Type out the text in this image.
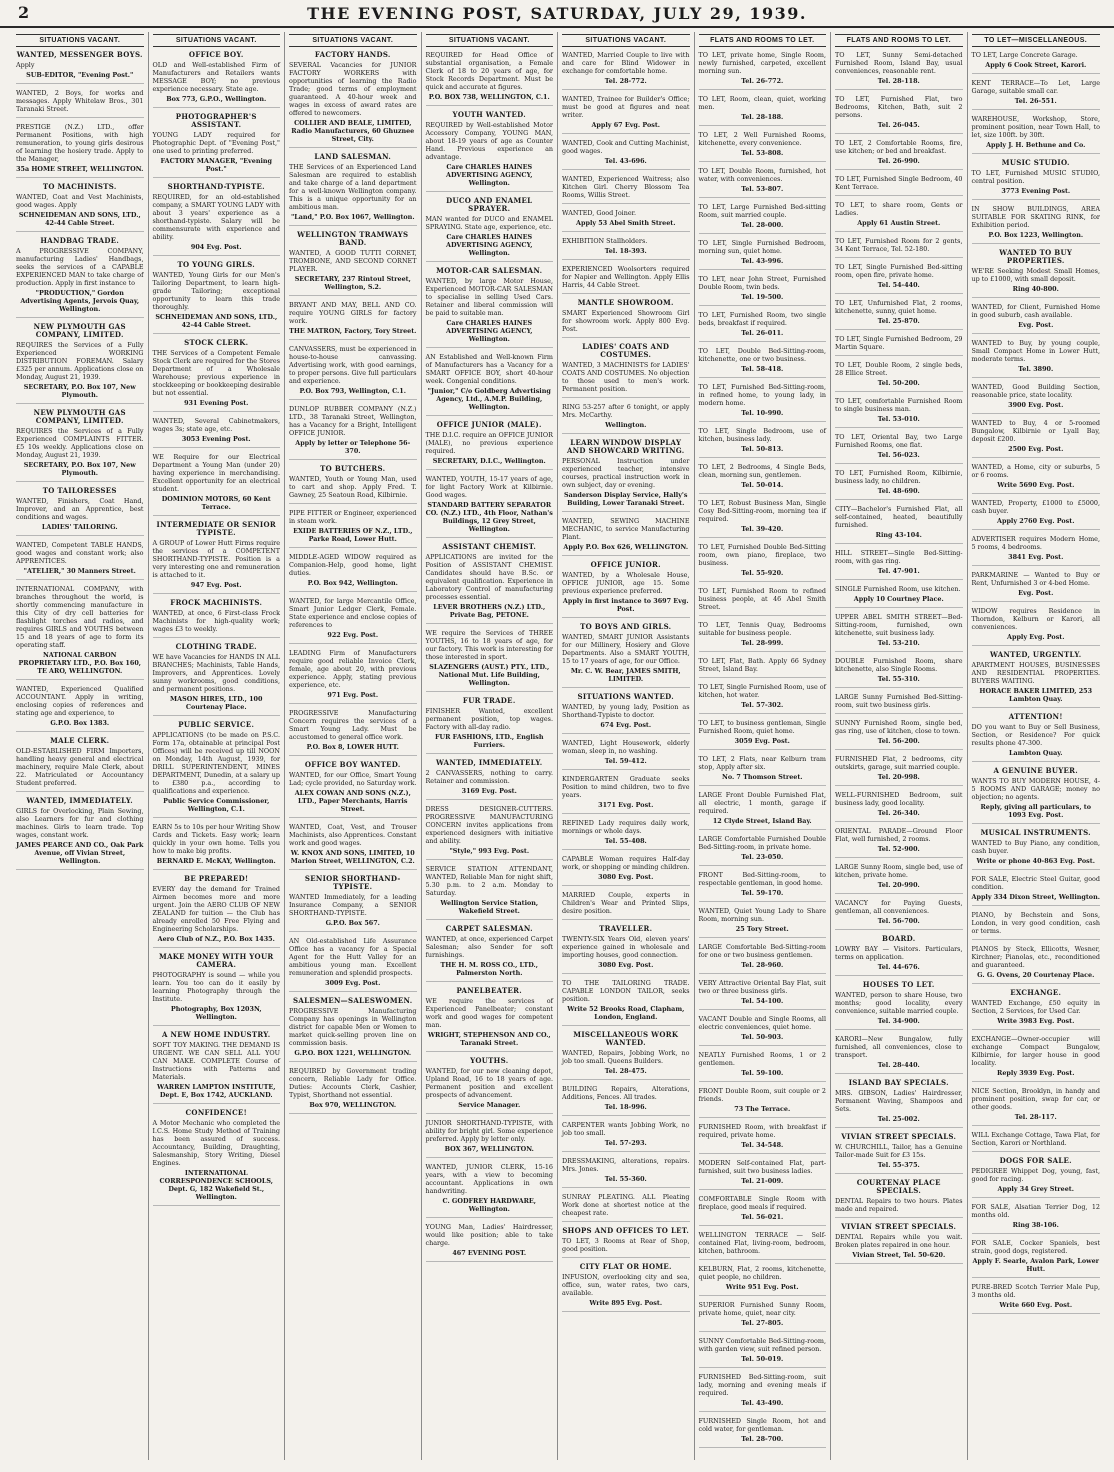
2	THE EVENING POST, SATURDAY, JULY 29, 1939.
SITUATIONS VACANT.
WANTED, MESSENGER BOYS.
Apply
SUB-EDITOR, "Evening Post."
WANTED, 2 Boys, for works and messages. Apply Whitelaw Bros., 301 Taranaki Street.
PRESTIGE (N.Z.) LTD., offer Permanent Positions, with high remuneration, to young girls desirous of learning the hosiery trade. Apply to the Manager,
35a HOME STREET, WELLINGTON.
TO MACHINISTS.
WANTED, Coat and Vest Machinists, good wages. Apply
SCHNEIDEMAN AND SONS, LTD., 42-44 Cable Street.
HANDBAG TRADE.
A PROGRESSIVE COMPANY, manufacturing Ladies' Handbags, seeks the services of a CAPABLE EXPERIENCED MAN to take charge of production. Apply in first instance to
"PRODUCTION," Gordon Advertising Agents, Jervois Quay, Wellington.
NEW PLYMOUTH GAS COMPANY, LIMITED.
REQUIRES the Services of a Fully Experienced WORKING DISTRIBUTION FOREMAN. Salary £325 per annum. Applications close on Monday, August 21, 1939.
SECRETARY, P.O. Box 107, New Plymouth.
NEW PLYMOUTH GAS COMPANY, LIMITED.
REQUIRES the Services of a Fully Experienced COMPLAINTS FITTER. £5 10s weekly. Applications close on Monday, August 21, 1939.
SECRETARY, P.O. Box 107, New Plymouth.
TO TAILORESSES
WANTED, Finishers, Coat Hand, Improver, and an Apprentice, best conditions and wages.
LADIES' TAILORING.
WANTED, Competent TABLE HANDS, good wages and constant work; also APPRENTICES.
"ATELIER," 30 Manners Street.
INTERNATIONAL COMPANY, with branches throughout the world, is shortly commencing manufacture in this City of dry cell batteries for flashlight torches and radios, and requires GIRLS and YOUTHS between 15 and 18 years of age to form its operating staff.
NATIONAL CARBON PROPRIETARY LTD., P.O. Box 160, TE ARO, WELLINGTON.
WANTED, Experienced Qualified ACCOUNTANT. Apply in writing, enclosing copies of references and stating age and experience, to
G.P.O. Box 1383.
MALE CLERK.
OLD-ESTABLISHED FIRM Importers, handling heavy general and electrical machinery, require Male Clerk, about 22. Matriculated or Accountancy Student preferred.
WANTED, IMMEDIATELY.
GIRLS for Overlocking, Plain Sewing, also Learners for fur and clothing machines. Girls to learn trade. Top wages, constant work.
JAMES PEARCE AND CO., Oak Park Avenue, off Vivian Street, Wellington.
SITUATIONS VACANT.
OFFICE BOY.
OLD and Well-established Firm of Manufacturers and Retailers wants MESSAGE BOY; no previous experience necessary. State age.
Box 773, G.P.O., Wellington.
PHOTOGRAPHER'S ASSISTANT.
YOUNG LADY required for Photographic Dept. of "Evening Post," one used to printing preferred.
FACTORY MANAGER, "Evening Post."
SHORTHAND-TYPISTE.
REQUIRED, for an old-established company, a SMART YOUNG LADY with about 3 years' experience as a shorthand-typiste. Salary will be commensurate with experience and ability.
904 Evg. Post.
TO YOUNG GIRLS.
WANTED, Young Girls for our Men's Tailoring Department, to learn high-grade Tailoring; exceptional opportunity to learn this trade thoroughly.
SCHNEIDEMAN AND SONS, LTD., 42-44 Cable Street.
STOCK CLERK.
THE Services of a Competent Female Stock Clerk are required for the Stores Department of a Wholesale Warehouse; previous experience in stockkeeping or bookkeeping desirable but not essential.
931 Evening Post.
WANTED, Several Cabinetmakers, wages 3s; state age, etc.
3053 Evening Post.
WE Require for our Electrical Department a Young Man (under 20) having experience in merchandising. Excellent opportunity for an electrical student.
DOMINION MOTORS, 60 Kent Terrace.
INTERMEDIATE OR SENIOR TYPISTE.
A GROUP of Lower Hutt Firms require the services of a COMPETENT SHORTHAND-TYPISTE. Position is a very interesting one and remuneration is attached to it.
947 Evg. Post.
FROCK MACHINISTS.
WANTED, at once, 6 First-class Frock Machinists for high-quality work; wages £3 to weekly.
CLOTHING TRADE.
WE have Vacancies for HANDS IN ALL BRANCHES; Machinists, Table Hands, Improvers, and Apprentices. Lovely sunny workrooms, good conditions, and permanent positions.
MASON HIRES, LTD., 100 Courtenay Place.
PUBLIC SERVICE.
APPLICATIONS (to be made on P.S.C. Form 17a, obtainable at principal Post Offices) will be received up till NOON on Monday, 14th August, 1939, for DRILL SUPERINTENDENT, MINES DEPARTMENT, Dunedin, at a salary up to £380 p.a., according to qualifications and experience.
Public Service Commissioner, Wellington, C.1.
EARN 5s to 10s per hour Writing Show Cards and Tickets. Easy work; learn quickly in your own home. Tells you how to make big profits.
BERNARD E. McKAY, Wellington.
BE PREPARED!
EVERY day the demand for Trained Airmen becomes more and more urgent. Join the AERO CLUB OF NEW ZEALAND for tuition — the Club has already enrolled 50 Free Flying and Engineering Scholarships.
Aero Club of N.Z., P.O. Box 1435.
MAKE MONEY WITH YOUR CAMERA.
PHOTOGRAPHY is sound — while you learn. You too can do it easily by learning Photography through the Institute.
Photography, Box 1203N, Wellington.
A NEW HOME INDUSTRY.
SOFT TOY MAKING. THE DEMAND IS URGENT. WE CAN SELL ALL YOU CAN MAKE. COMPLETE Course of Instructions with Patterns and Materials.
WARREN LAMPTON INSTITUTE, Dept. E, Box 1742, AUCKLAND.
CONFIDENCE!
A Motor Mechanic who completed the I.C.S. Home Study Method of Training has been assured of success. Accountancy, Building, Draughting, Salesmanship, Story Writing, Diesel Engines.
INTERNATIONAL CORRESPONDENCE SCHOOLS, Dept. G, 182 Wakefield St., Wellington.
SITUATIONS VACANT.
FACTORY HANDS.
SEVERAL Vacancies for JUNIOR FACTORY WORKERS with opportunities of learning the Radio Trade; good terms of employment guaranteed. A 40-hour week and wages in excess of award rates are offered to newcomers.
COLLIER AND BEALE, LIMITED, Radio Manufacturers, 60 Ghuznee Street, City.
LAND SALESMAN.
THE Services of an Experienced Land Salesman are required to establish and take charge of a land department for a well-known Wellington company. This is a unique opportunity for an ambitious man.
"Land," P.O. Box 1067, Wellington.
WELLINGTON TRAMWAYS BAND.
WANTED, A GOOD TUTTI CORNET, TROMBONE, AND SECOND CORNET PLAYER.
SECRETARY, 237 Rintoul Street, Wellington, S.2.
BRYANT AND MAY, BELL AND CO. require YOUNG GIRLS for factory work.
THE MATRON, Factory, Tory Street.
CANVASSERS, must be experienced in house-to-house canvassing. Advertising work, with good earnings, to proper persons. Give full particulars and experience.
P.O. Box 793, Wellington, C.1.
DUNLOP RUBBER COMPANY (N.Z.) LTD., 38 Taranaki Street, Wellington, has a Vacancy for a Bright, Intelligent OFFICE JUNIOR.
Apply by letter or Telephone 56-370.
TO BUTCHERS.
WANTED, Youth or Young Man, used to cart and shop. Apply Fred. T. Gawney, 25 Seatoun Road, Kilbirnie.
PIPE FITTER or Engineer, experienced in steam work.
EXIDE BATTERIES OF N.Z., LTD., Parke Road, Lower Hutt.
MIDDLE-AGED WIDOW required as Companion-Help, good home, light duties.
P.O. Box 942, Wellington.
WANTED, for large Mercantile Office, Smart Junior Ledger Clerk, Female. State experience and enclose copies of references to
922 Evg. Post.
LEADING Firm of Manufacturers require good reliable Invoice Clerk, female, age about 20, with previous experience. Apply, stating previous experience, etc.
971 Evg. Post.
PROGRESSIVE Manufacturing Concern requires the services of a Smart Young Lady. Must be accustomed to general office work.
P.O. Box 8, LOWER HUTT.
OFFICE BOY WANTED.
WANTED, for our Office, Smart Young Lad; cycle provided, no Saturday work.
ALEX COWAN AND SONS (N.Z.), LTD., Paper Merchants, Harris Street.
WANTED, Coat, Vest, and Trouser Machinists, also Apprentices. Constant work and good wages.
W. KNOX AND SONS, LIMITED, 10 Marion Street, WELLINGTON, C.2.
SENIOR SHORTHAND-TYPISTE.
WANTED Immediately, for a leading Insurance Company, a SENIOR SHORTHAND-TYPISTE.
G.P.O. Box 567.
AN Old-established Life Assurance Office has a vacancy for a Special Agent for the Hutt Valley for an ambitious young man. Excellent remuneration and splendid prospects.
3009 Evg. Post.
SALESMEN—SALESWOMEN.
PROGRESSIVE Manufacturing Company has openings in Wellington district for capable Men or Women to market quick-selling proven line on commission basis.
G.P.O. BOX 1221, WELLINGTON.
REQUIRED by Government trading concern, Reliable Lady for Office. Duties: Accounts Clerk, Cashier, Typist, Shorthand not essential.
Box 970, WELLINGTON.
SITUATIONS VACANT.
REQUIRED for Head Office of substantial organisation, a Female Clerk of 18 to 20 years of age, for Stock Records Department. Must be quick and accurate at figures.
P.O. BOX 738, WELLINGTON, C.1.
YOUTH WANTED.
REQUIRED by Well-established Motor Accessory Company, YOUNG MAN, about 18-19 years of age as Counter Hand. Previous experience an advantage.
Care CHARLES HAINES ADVERTISING AGENCY, Wellington.
DUCO AND ENAMEL SPRAYER.
MAN wanted for DUCO and ENAMEL SPRAYING. State age, experience, etc.
Care CHARLES HAINES ADVERTISING AGENCY, Wellington.
MOTOR-CAR SALESMAN.
WANTED, by large Motor House, Experienced MOTOR-CAR SALESMAN to specialise in selling Used Cars. Retainer and liberal commission will be paid to suitable man.
Care CHARLES HAINES ADVERTISING AGENCY, Wellington.
AN Established and Well-known Firm of Manufacturers has a Vacancy for a SMART OFFICE BOY, short 40-hour week. Congenial conditions.
"Junior," C/o Goldberg Advertising Agency, Ltd., A.M.P. Building, Wellington.
OFFICE JUNIOR (MALE).
THE D.I.C. require an OFFICE JUNIOR (MALE), no previous experience required.
SECRETARY, D.I.C., Wellington.
WANTED, YOUTH, 15-17 years of age, for light Factory Work at Kilbirnie. Good wages.
STANDARD BATTERY SEPARATOR CO. (N.Z.) LTD., 4th Floor, Nathan's Buildings, 12 Grey Street, Wellington.
ASSISTANT CHEMIST.
APPLICATIONS are invited for the Position of ASSISTANT CHEMIST. Candidates should have B.Sc. or equivalent qualification. Experience in Laboratory Control of manufacturing processes essential.
LEVER BROTHERS (N.Z.) LTD., Private Bag, PETONE.
WE require the Services of THREE YOUTHS, 16 to 18 years of age, for our factory. This work is interesting for those interested in sport.
SLAZENGERS (AUST.) PTY., LTD., National Mut. Life Building, Wellington.
FUR TRADE.
FINISHER Wanted, excellent permanent position, top wages. Factory with all-day radio.
FUR FASHIONS, LTD., English Furriers.
WANTED, IMMEDIATELY.
2 CANVASSERS, nothing to carry. Retainer and commission.
3169 Evg. Post.
DRESS DESIGNER-CUTTERS. PROGRESSIVE MANUFACTURING CONCERN invites applications from experienced designers with initiative and ability.
"Style," 993 Evg. Post.
SERVICE STATION ATTENDANT, WANTED, Reliable Man for night shift, 5.30 p.m. to 2 a.m. Monday to Saturday.
Wellington Service Station, Wakefield Street.
CARPET SALESMAN.
WANTED, at once, experienced Carpet Salesman; also Sender for soft furnishings.
THE H. M. ROSS CO., LTD., Palmerston North.
PANELBEATER.
WE require the services of Experienced Panelbeater; constant work and good wages for competent man.
WRIGHT, STEPHENSON AND CO., Taranaki Street.
YOUTHS.
WANTED, for our new cleaning depot, Upland Road, 16 to 18 years of age. Permanent position and excellent prospects of advancement.
Service Manager.
JUNIOR SHORTHAND-TYPISTE, with ability for bright girl. Some experience preferred. Apply by letter only.
BOX 367, WELLINGTON.
WANTED, JUNIOR CLERK, 15-16 years, with a view to becoming accountant. Applications in own handwriting.
C. GODFREY HARDWARE, Wellington.
YOUNG Man, Ladies' Hairdresser, would like position; able to take charge.
467 EVENING POST.
SITUATIONS VACANT.
WANTED, Married Couple to live with and care for Blind Widower in exchange for comfortable home.
Tel. 28-772.
WANTED, Trainee for Builder's Office; must be good at figures and neat writer.
Apply 67 Evg. Post.
WANTED, Cook and Cutting Machinist, good wages.
Tel. 43-696.
WANTED, Experienced Waitress; also Kitchen Girl. Cherry Blossom Tea Rooms, Willis Street.
WANTED, Good Joiner.
Apply 53 Abel Smith Street.
EXHIBITION Stallholders.
Tel. 18-393.
EXPERIENCED Woolsorters required for Napier and Wellington. Apply Ellis Harris, 44 Cable Street.
MANTLE SHOWROOM.
SMART Experienced Showroom Girl for showroom work. Apply 800 Evg. Post.
LADIES' COATS AND COSTUMES.
WANTED, 3 MACHINISTS for LADIES' COATS AND COSTUMES. No objection to those used to men's work. Permanent position.
RING 53-257 after 6 tonight, or apply Mrs. McCarthy.
Wellington.
LEARN WINDOW DISPLAY AND SHOWCARD WRITING.
PERSONAL Instruction under experienced teacher, intensive courses, practical instruction work in own subject, day or evening.
Sanderson Display Service, Hally's Building, Lower Taranaki Street.
WANTED, SEWING MACHINE MECHANIC, to service Manufacturing Plant.
Apply P.O. Box 626, WELLINGTON.
OFFICE JUNIOR.
WANTED, by a Wholesale House, OFFICE JUNIOR, age 15. Some previous experience preferred.
Apply in first instance to 3697 Evg. Post.
TO BOYS AND GIRLS.
WANTED, SMART JUNIOR Assistants for our Millinery, Hosiery and Glove Departments. Also a SMART YOUTH, 15 to 17 years of age, for our Office.
Mr. C. W. Bear, JAMES SMITH, LIMITED.
SITUATIONS WANTED.
WANTED, by young lady, Position as Shorthand-Typiste to doctor.
674 Evg. Post.
WANTED, Light Housework, elderly woman, sleep in, no washing.
Tel. 59-412.
KINDERGARTEN Graduate seeks Position to mind children, two to five years.
3171 Evg. Post.
REFINED Lady requires daily work, mornings or whole days.
Tel. 55-408.
CAPABLE Woman requires Half-day work, or shopping or minding children.
3080 Evg. Post.
MARRIED Couple, experts in Children's Wear and Printed Slips, desire position.
TRAVELLER.
TWENTY-SIX Years Old, eleven years' experience gained in wholesale and importing houses, good connection.
3080 Evg. Post.
TO THE TAILORING TRADE. CAPABLE LONDON TAILOR, seeks position.
Write 52 Brooks Road, Clapham, London, England.
MISCELLANEOUS WORK WANTED.
WANTED, Repairs, Jobbing Work, no job too small. Queens Builders.
Tel. 28-475.
BUILDING Repairs, Alterations, Additions, Fences. All trades.
Tel. 18-996.
CARPENTER wants Jobbing Work, no job too small.
Tel. 57-293.
DRESSMAKING, alterations, repairs. Mrs. Jones.
Tel. 55-360.
SUNRAY PLEATING. ALL Pleating Work done at shortest notice at the cheapest rate.
SHOPS AND OFFICES TO LET.
TO LET, 3 Rooms at Rear of Shop, good position.
CITY FLAT OR HOME.
INFUSION, overlooking city and sea, office, sun, water rates, two cars, available.
Write 895 Evg. Post.
FLATS AND ROOMS TO LET.
TO LET, private home, Single Room, newly furnished, carpeted, excellent morning sun.
Tel. 26-772.
TO LET, Room, clean, quiet, working men.
Tel. 28-188.
TO LET, 2 Well Furnished Rooms, kitchenette, every convenience.
Tel. 53-808.
TO LET, Double Room, furnished, hot water, with conveniences.
Tel. 53-807.
TO LET, Large Furnished Bed-sitting Room, suit married couple.
Tel. 28-000.
TO LET, Single Furnished Bedroom, morning sun, quiet home.
Tel. 43-996.
TO LET, near John Street, Furnished Double Room, twin beds.
Tel. 19-500.
TO LET, Furnished Room, two single beds, breakfast if required.
Tel. 26-011.
TO LET, Double Bed-Sitting-room, kitchenette, one or two business.
Tel. 58-418.
TO LET, Furnished Bed-Sitting-room, in refined home, to young lady, in modern home.
Tel. 10-990.
TO LET, Single Bedroom, use of kitchen, business lady.
Tel. 50-813.
TO LET, 2 Bedrooms, 4 Single Beds, clean, morning sun, gentlemen.
Tel. 50-014.
TO LET, Robust Business Man, Single Cosy Bed-Sitting-room, morning tea if required.
Tel. 39-420.
TO LET, Furnished Double Bed-Sitting room, own piano, fireplace, two business.
Tel. 55-920.
TO LET, Furnished Room to refined business people, at 46 Abel Smith Street.
TO LET, Tennis Quay, Bedrooms suitable for business people.
Tel. 28-999.
TO LET, Flat, Bath. Apply 66 Sydney Street, Island Bay.
TO LET, Single Furnished Room, use of kitchen, hot water.
Tel. 57-302.
TO LET, to business gentleman, Single Furnished Room, quiet home.
3059 Evg. Post.
TO LET, 2 Flats, near Kelburn tram stop, Apply after six.
No. 7 Thomson Street.
LARGE Front Double Furnished Flat, all electric, 1 month, garage if required.
12 Clyde Street, Island Bay.
LARGE Comfortable Furnished Double Bed-Sitting-room, in private home.
Tel. 23-050.
FRONT Bed-Sitting-room, to respectable gentleman, in good home.
Tel. 59-170.
WANTED, Quiet Young Lady to Share Room, morning sun.
25 Tory Street.
LARGE Comfortable Bed-Sitting-room for one or two business gentlemen.
Tel. 28-960.
VERY Attractive Oriental Bay Flat, suit two or three business girls.
Tel. 54-100.
VACANT Double and Single Rooms, all electric conveniences, quiet home.
Tel. 50-903.
NEATLY Furnished Rooms, 1 or 2 gentlemen.
Tel. 59-100.
FRONT Double Room, suit couple or 2 friends.
73 The Terrace.
FURNISHED Room, with breakfast if required, private home.
Tel. 34-548.
MODERN Self-contained Flat, part-furnished, suit two business ladies.
Tel. 21-009.
COMFORTABLE Single Room with fireplace, good meals if required.
Tel. 56-021.
WELLINGTON TERRACE — Self-contained Flat, living-room, bedroom, kitchen, bathroom.
KELBURN, Flat, 2 rooms, kitchenette, quiet people, no children.
Write 951 Evg. Post.
SUPERIOR Furnished Sunny Room, private home, quiet, near city.
Tel. 27-805.
SUNNY Comfortable Bed-Sitting-room, with garden view, suit refined person.
Tel. 50-019.
FURNISHED Bed-Sitting-room, suit lady, morning and evening meals if required.
Tel. 43-490.
FURNISHED Single Room, hot and cold water, for gentleman.
Tel. 28-700.
FLATS AND ROOMS TO LET.
TO LET, Sunny Semi-detached Furnished Room, Island Bay, usual conveniences, reasonable rent.
Tel. 28-118.
TO LET, Furnished Flat, two Bedrooms, Kitchen, Bath, suit 2 persons.
Tel. 26-045.
TO LET, 2 Comfortable Rooms, fire, use kitchen; or bed and breakfast.
Tel. 26-990.
TO LET, Furnished Single Bedroom, 40 Kent Terrace.
TO LET, to share room, Gents or Ladies.
Apply 61 Austin Street.
TO LET, Furnished Room for 2 gents, 34 Kent Terrace, Tel. 52-180.
TO LET, Single Furnished Bed-sitting room, open fire, private home.
Tel. 54-440.
TO LET, Unfurnished Flat, 2 rooms, kitchenette, sunny, quiet home.
Tel. 25-870.
TO LET, Single Furnished Bedroom, 29 Martin Square.
TO LET, Double Room, 2 single beds, 28 Ellice Street.
Tel. 50-200.
TO LET, comfortable Furnished Room to single business man.
Tel. 53-010.
TO LET, Oriental Bay, two Large Furnished Rooms, one flat.
Tel. 56-023.
TO LET, Furnished Room, Kilbirnie, business lady, no children.
Tel. 48-690.
CITY—Bachelor's Furnished Flat, all self-contained, heated, beautifully furnished.
Ring 43-104.
HILL STREET—Single Bed-Sitting-room, with gas ring.
Tel. 47-901.
SINGLE Furnished Room, use kitchen.
Apply 10 Courtney Place.
UPPER ABEL SMITH STREET—Bed-Sitting-room, furnished, own kitchenette, suit business lady.
Tel. 53-210.
DOUBLE Furnished Room, share kitchenette, also Single Rooms.
Tel. 55-310.
LARGE Sunny Furnished Bed-Sitting-room, suit two business girls.
SUNNY Furnished Room, single bed, gas ring, use of kitchen, close to town.
Tel. 56-200.
FURNISHED Flat, 2 bedrooms, city outskirts, garage, suit married couple.
Tel. 20-998.
WELL-FURNISHED Bedroom, suit business lady, good locality.
Tel. 26-340.
ORIENTAL PARADE—Ground Floor Flat, well furnished, 2 rooms.
Tel. 52-900.
LARGE Sunny Room, single bed, use of kitchen, private home.
Tel. 20-990.
VACANCY for Paying Guests, gentleman, all conveniences.
Tel. 56-700.
BOARD.
LOWRY BAY — Visitors. Particulars, terms on application.
Tel. 44-676.
HOUSES TO LET.
WANTED, person to share House, two months; good locality, every convenience, suitable married couple.
Tel. 34-900.
KARORI—New Bungalow, fully furnished, all conveniences, close to transport.
Tel. 28-440.
ISLAND BAY SPECIALS.
MRS. GIBSON, Ladies' Hairdresser, Permanent Waving, Shampoos and Sets.
Tel. 25-002.
VIVIAN STREET SPECIALS.
W. CHURCHILL, Tailor, has a Genuine Tailor-made Suit for £3 15s.
Tel. 55-375.
COURTENAY PLACE SPECIALS.
DENTAL Repairs to two hours. Plates made and repaired.
VIVIAN STREET SPECIALS.
DENTAL Repairs while you wait. Broken plates repaired in one hour.
Vivian Street, Tel. 50-620.
TO LET—MISCELLANEOUS.
TO LET, Large Concrete Garage.
Apply 6 Cook Street, Karori.
KENT TERRACE—To Let, Large Garage, suitable small car.
Tel. 26-551.
WAREHOUSE, Workshop, Store, prominent position, near Town Hall, to let, size 100ft. by 30ft.
Apply J. H. Bethune and Co.
MUSIC STUDIO.
TO LET, Furnished MUSIC STUDIO, central position.
3773 Evening Post.
IN SHOW BUILDINGS, AREA SUITABLE FOR SKATING RINK, for Exhibition period.
P.O. Box 1223, Wellington.
WANTED TO BUY PROPERTIES.
WE'RE Seeking Modest Small Homes, up to £1000, with small deposit.
Ring 40-800.
WANTED, for Client, Furnished Home in good suburb, cash available.
Evg. Post.
WANTED to Buy, by young couple, Small Compact Home in Lower Hutt, moderate terms.
Tel. 3890.
WANTED, Good Building Section, reasonable price, state locality.
3900 Evg. Post.
WANTED to Buy, 4 or 5-roomed Bungalow, Kilbirnie or Lyall Bay, deposit £200.
2500 Evg. Post.
WANTED, a Home, city or suburbs, 5 or 6 rooms.
Write 5690 Evg. Post.
WANTED, Property, £1000 to £5000, cash buyer.
Apply 2760 Evg. Post.
ADVERTISER requires Modern Home, 5 rooms, 4 bedrooms.
3841 Evg. Post.
PARKMARINE — Wanted to Buy or Rent, Unfurnished 3 or 4-bed Home.
Evg. Post.
WIDOW requires Residence in Thorndon, Kelburn or Karori, all conveniences.
Apply Evg. Post.
WANTED, URGENTLY.
APARTMENT HOUSES, BUSINESSES AND RESIDENTIAL PROPERTIES. BUYERS WAITING.
HORACE BAKER LIMITED, 253 Lambton Quay.
ATTENTION!
DO you want to Buy or Sell Business, Section, or Residence? For quick results phone 47-300.
Lambton Quay.
A GENUINE BUYER.
WANTS TO BUY MODERN HOUSE, 4-5 ROOMS AND GARAGE; money no objection; no agents.
Reply, giving all particulars, to 1093 Evg. Post.
MUSICAL INSTRUMENTS.
WANTED to Buy Piano, any condition, cash buyer.
Write or phone 40-863 Evg. Post.
FOR SALE, Electric Steel Guitar, good condition.
Apply 334 Dixon Street, Wellington.
PIANO, by Bechstein and Sons, London, in very good condition, cash or terms.
PIANOS by Steck, Ellicotts, Wesner, Kirchner; Pianolas, etc., reconditioned and guaranteed.
G. G. Ovens, 20 Courtenay Place.
EXCHANGE.
WANTED Exchange, £50 equity in Section, 2 Services, for Used Car.
Write 3983 Evg. Post.
EXCHANGE—Owner-occupier will exchange Compact Bungalow, Kilbirnie, for larger house in good locality.
Reply 3939 Evg. Post.
NICE Section, Brooklyn, in handy and prominent position, swap for car, or other goods.
Tel. 28-117.
WILL Exchange Cottage, Tawa Flat, for Section, Karori or Northland.
DOGS FOR SALE.
PEDIGREE Whippet Dog, young, fast, good for racing.
Apply 34 Grey Street.
FOR SALE, Alsatian Terrier Dog, 12 months old.
Ring 38-106.
FOR SALE, Cocker Spaniels, best strain, good dogs, registered.
Apply F. Searle, Avalon Park, Lower Hutt.
PURE-BRED Scotch Terrier Male Pup, 3 months old.
Write 660 Evg. Post.
